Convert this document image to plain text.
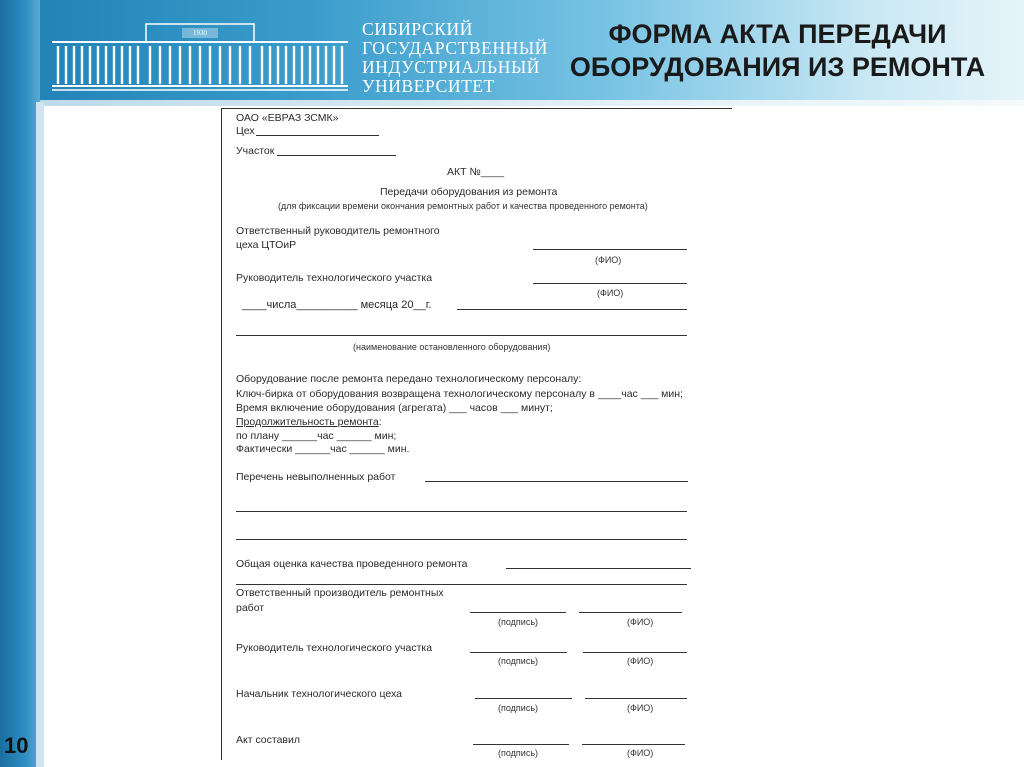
1930	СИБИРСКИЙ
ГОСУДАРСТВЕННЫЙ
ИНДУСТРИАЛЬНЫЙ
УНИВЕРСИТЕТ
ФОРМА АКТА ПЕРЕДАЧИ
ОБОРУДОВАНИЯ ИЗ РЕМОНТА
10
ОАО «ЕВРАЗ ЗСМК»
Цех
Участок
АКТ №____
Передачи оборудования из ремонта
(для фиксации времени окончания ремонтных работ и качества проведенного ремонта)
Ответственный руководитель ремонтного
цеха ЦТОиР
(ФИО)
Руководитель технологического участка
(ФИО)
____числа__________ месяца 20__г.
(наименование остановленного оборудования)
Оборудование после ремонта передано технологическому персоналу:
Ключ-бирка от оборудования возвращена технологическому персоналу в ____час ___ мин;
Время включение оборудования (агрегата) ___ часов ___ минут;
Продолжительность ремонта:
по плану ______час ______ мин;
Фактически ______час ______ мин.
Перечень невыполненных работ
Общая оценка качества проведенного ремонта
Ответственный производитель ремонтных
работ
(подпись)	(ФИО)
Руководитель технологического участка
(подпись)	(ФИО)
Начальник технологического цеха
(подпись)	(ФИО)
Акт составил
(подпись)	(ФИО)
